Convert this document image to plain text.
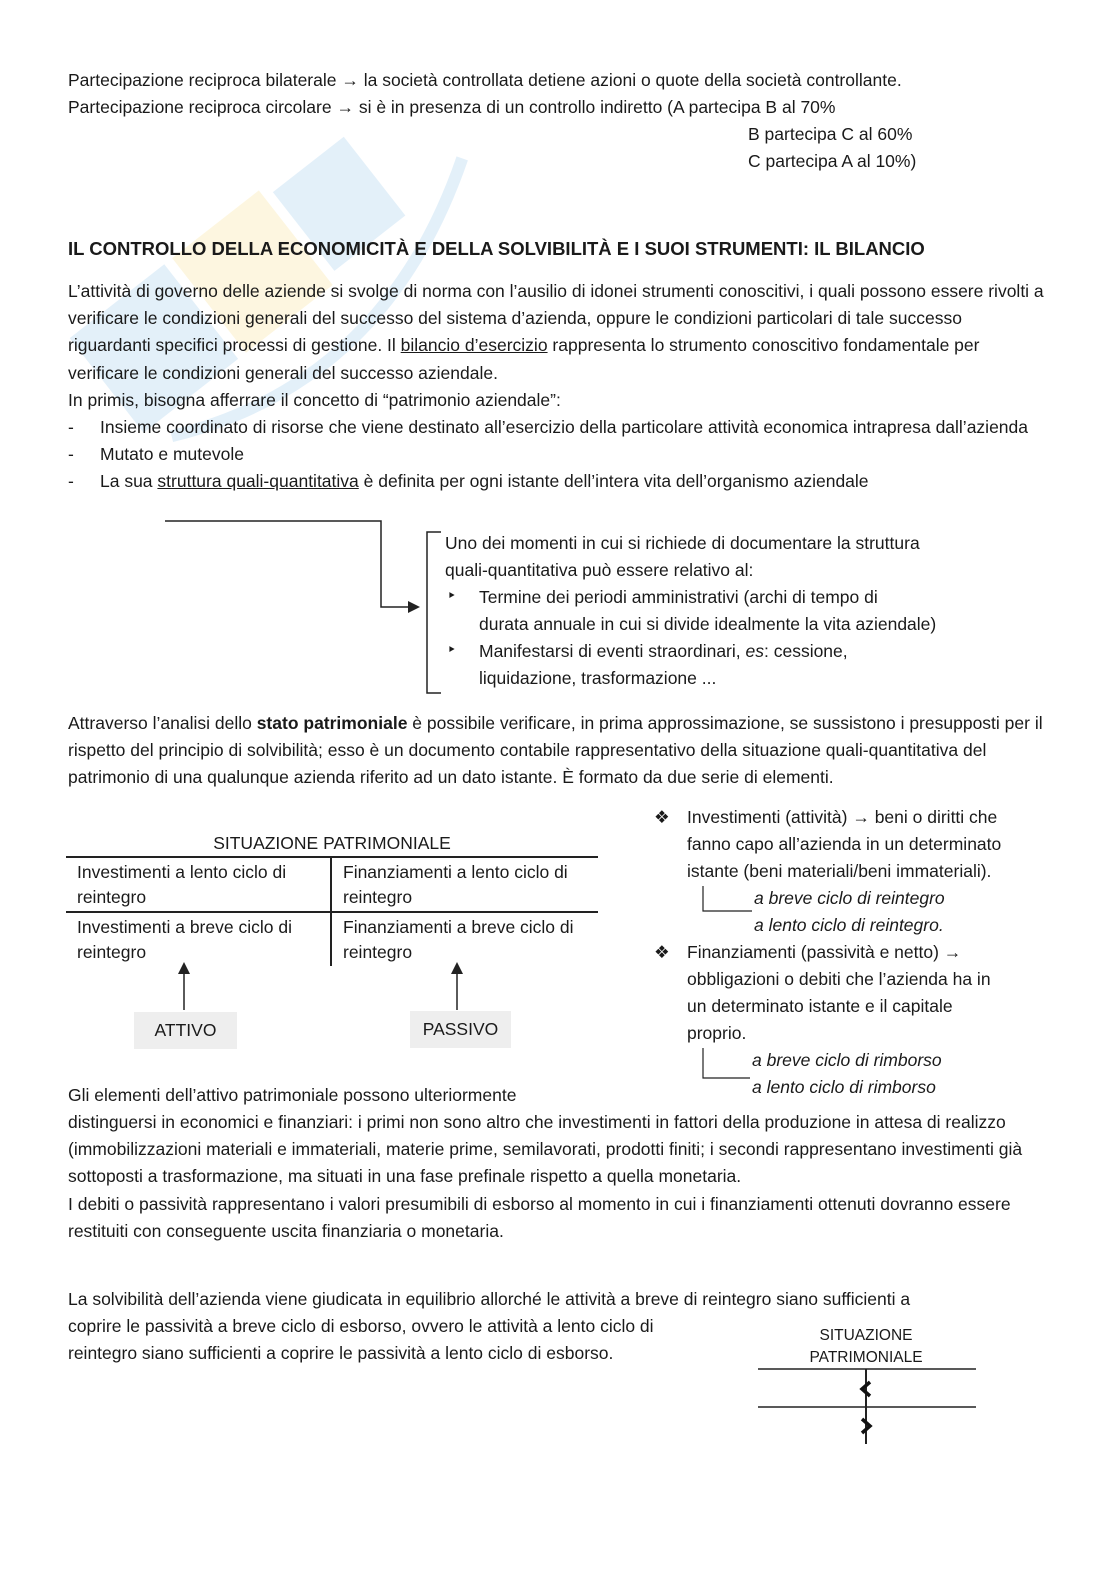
Partecipazione reciproca bilaterale → la società controllata detiene azioni o quote della società controllante.
Partecipazione reciproca circolare → si è in presenza di un controllo indiretto (A partecipa B al 70%
B partecipa C al 60%
C partecipa A al 10%)
IL CONTROLLO DELLA ECONOMICITÀ E DELLA SOLVIBILITÀ E I SUOI STRUMENTI: IL BILANCIO

L’attività di governo delle aziende si svolge di norma con l’ausilio di idonei strumenti conoscitivi, i quali possono essere rivolti a verificare le condizioni generali del successo del sistema d’azienda, oppure le condizioni particolari di tale successo riguardanti specifici processi di gestione. Il bilancio d’esercizio rappresenta lo strumento conoscitivo fondamentale per verificare le condizioni generali del successo aziendale.

In primis, bisogna afferrare il concetto di “patrimonio aziendale”:

- Insieme coordinato di risorse che viene destinato all’esercizio della particolare attività economica intrapresa dall’azienda
- Mutato e mutevole
- La sua struttura quali-quantitativa è definita per ogni istante dell’intera vita dell’organismo aziendale
Uno dei momenti in cui si richiede di documentare la struttura
quali-quantitativa può essere relativo al:
‣ Termine dei periodi amministrativi (archi di tempo di
durata annuale in cui si divide idealmente la vita aziendale)
‣ Manifestarsi di eventi straordinari, es: cessione,
liquidazione, trasformazione ...

Attraverso l’analisi dello stato patrimoniale è possibile verificare, in prima approssimazione, se sussistono i presupposti per il rispetto del principio di solvibilità; esso è un documento contabile rappresentativo della situazione quali-quantitativa del patrimonio di una qualunque azienda riferito ad un dato istante. È formato da due serie di elementi.

SITUAZIONE PATRIMONIALE
Investimenti a lento ciclo di reintegro
Finanziamenti a lento ciclo di reintegro
Investimenti a breve ciclo di reintegro
Finanziamenti a breve ciclo di reintegro
ATTIVO	PASSIVO
❖ Investimenti (attività) → beni o diritti che
fanno capo all’azienda in un determinato
istante (beni materiali/beni immateriali).
a breve ciclo di reintegro
a lento ciclo di reintegro.
❖ Finanziamenti (passività e netto) →
obbligazioni o debiti che l’azienda ha in
un determinato istante e il capitale
proprio.
a breve ciclo di rimborso
a lento ciclo di rimborso
Gli elementi dell’attivo patrimoniale possono ulteriormente

distinguersi in economici e finanziari: i primi non sono altro che investimenti in fattori della produzione in attesa di realizzo (immobilizzazioni materiali e immateriali, materie prime, semilavorati, prodotti finiti; i secondi rappresentano investimenti già sottoposti a trasformazione, ma situati in una fase prefinale rispetto a quella monetaria.

I debiti o passività rappresentano i valori presumibili di esborso al momento in cui i finanziamenti ottenuti dovranno essere restituiti con conseguente uscita finanziaria o monetaria.

La solvibilità dell’azienda viene giudicata in equilibrio allorché le attività a breve di reintegro siano sufficienti a
coprire le passività a breve ciclo di esborso, ovvero le attività a lento ciclo di
reintegro siano sufficienti a coprire le passività a lento ciclo di esborso.
SITUAZIONE
PATRIMONIALE
